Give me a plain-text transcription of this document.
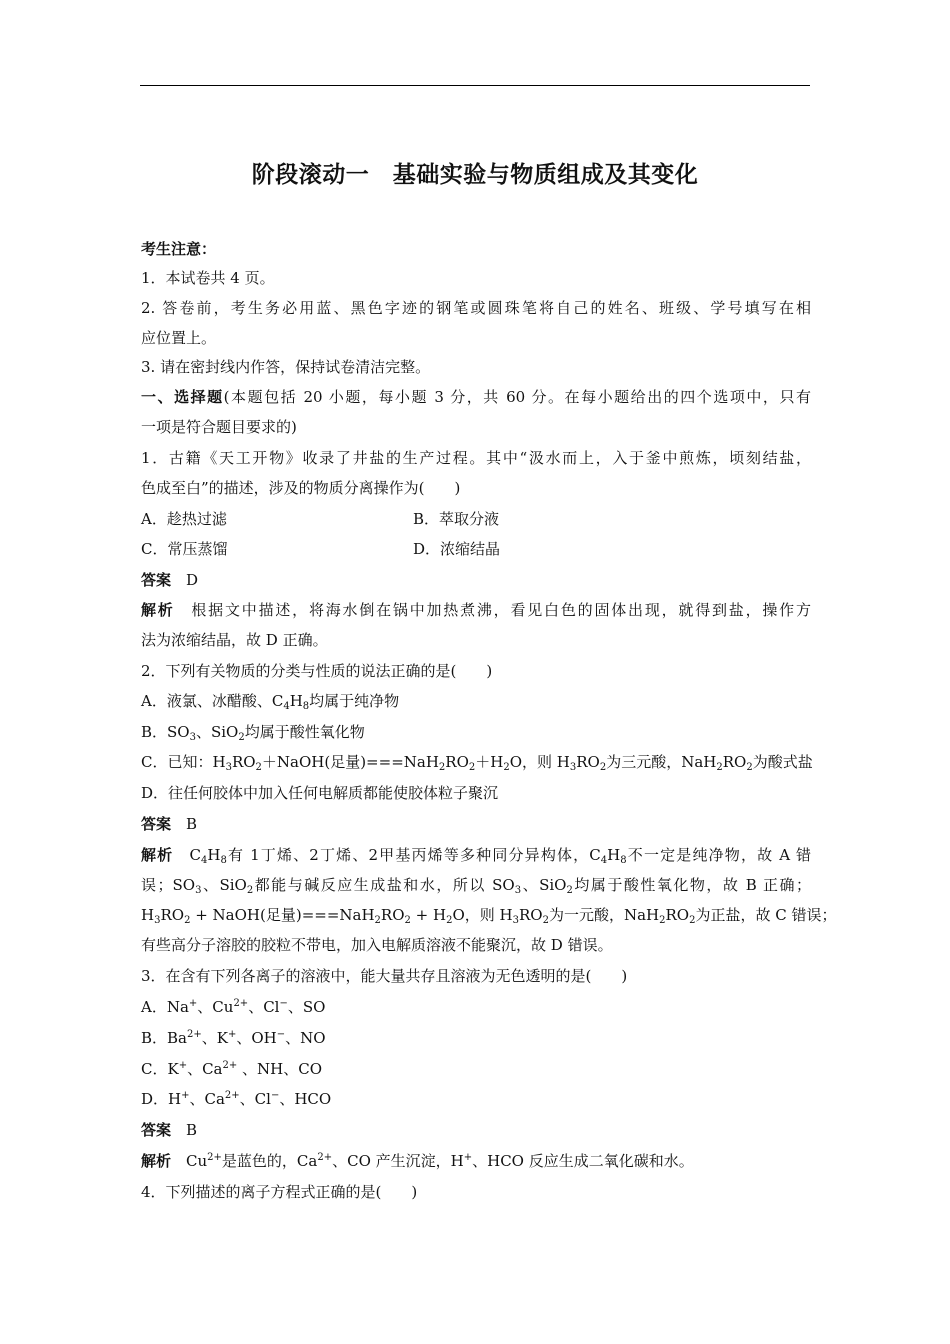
阶段滚动一　基础实验与物质组成及其变化
考生注意：
1．本试卷共 4 页。
2. 答卷前，考生务必用蓝、黑色字迹的钢笔或圆珠笔将自己的姓名、班级、学号填写在相
应位置上。
3. 请在密封线内作答，保持试卷清洁完整。
一、选择题(本题包括 20 小题，每小题 3 分，共 60 分。在每小题给出的四个选项中，只有
一项是符合题目要求的)
1．古籍《天工开物》收录了井盐的生产过程。其中“汲水而上，入于釜中煎炼，顷刻结盐，
色成至白”的描述，涉及的物质分离操作为(　　)
A．趁热过滤	B．萃取分液
C．常压蒸馏	D．浓缩结晶
答案　 D
解析　 根据文中描述，将海水倒在锅中加热煮沸，看见白色的固体出现，就得到盐，操作方
法为浓缩结晶，故 D 正确。
2．下列有关物质的分类与性质的说法正确的是(　　)
A．液氯、冰醋酸、$C_4H_8$均属于纯净物
B．$SO_3$、SiO$_2$均属于酸性氧化物
C．已知：$H_3RO_2+NaOH$(足量)$===NaH_2RO_2+H_2O$，则 $H_3RO_2$为三元酸，$NaH_2RO_2$为酸式盐
D．往任何胶体中加入任何电解质都能使胶体粒子聚沉
答案　 B
解析　 $C_4H_8$有 1丁烯、2丁烯、2甲基丙烯等多种同分异构体，$C_4H_8$不一定是纯净物，故 A 错
误；$SO_3$、SiO$_2$都能与碱反应生成盐和水，所以 $SO_3$、SiO$_2$均属于酸性氧化物，故 B 正确；
$H_3RO_2$ + NaOH(足量)$===NaH_2RO_2 + H_2O$，则 $H_3RO_2$为一元酸，$NaH_2RO_2$为正盐，故 C 错误；
有些高分子溶胶的胶粒不带电，加入电解质溶液不能聚沉，故 D 错误。
3．在含有下列各离子的溶液中，能大量共存且溶液为无色透明的是(　　)
A．Na+、$Cu^{2+}$、Cl−、SO
B．$Ba^{2+}$、K+、OH−、NO
C．K+、$Ca^{2+}$ 、NH、CO
D．H+、$Ca^{2+}$、Cl−、HCO
答案　 B
解析　 $Cu^{2+}$是蓝色的，$Ca^{2+}$、CO 产生沉淀，H+、HCO 反应生成二氧化碳和水。
4．下列描述的离子方程式正确的是(　　)
